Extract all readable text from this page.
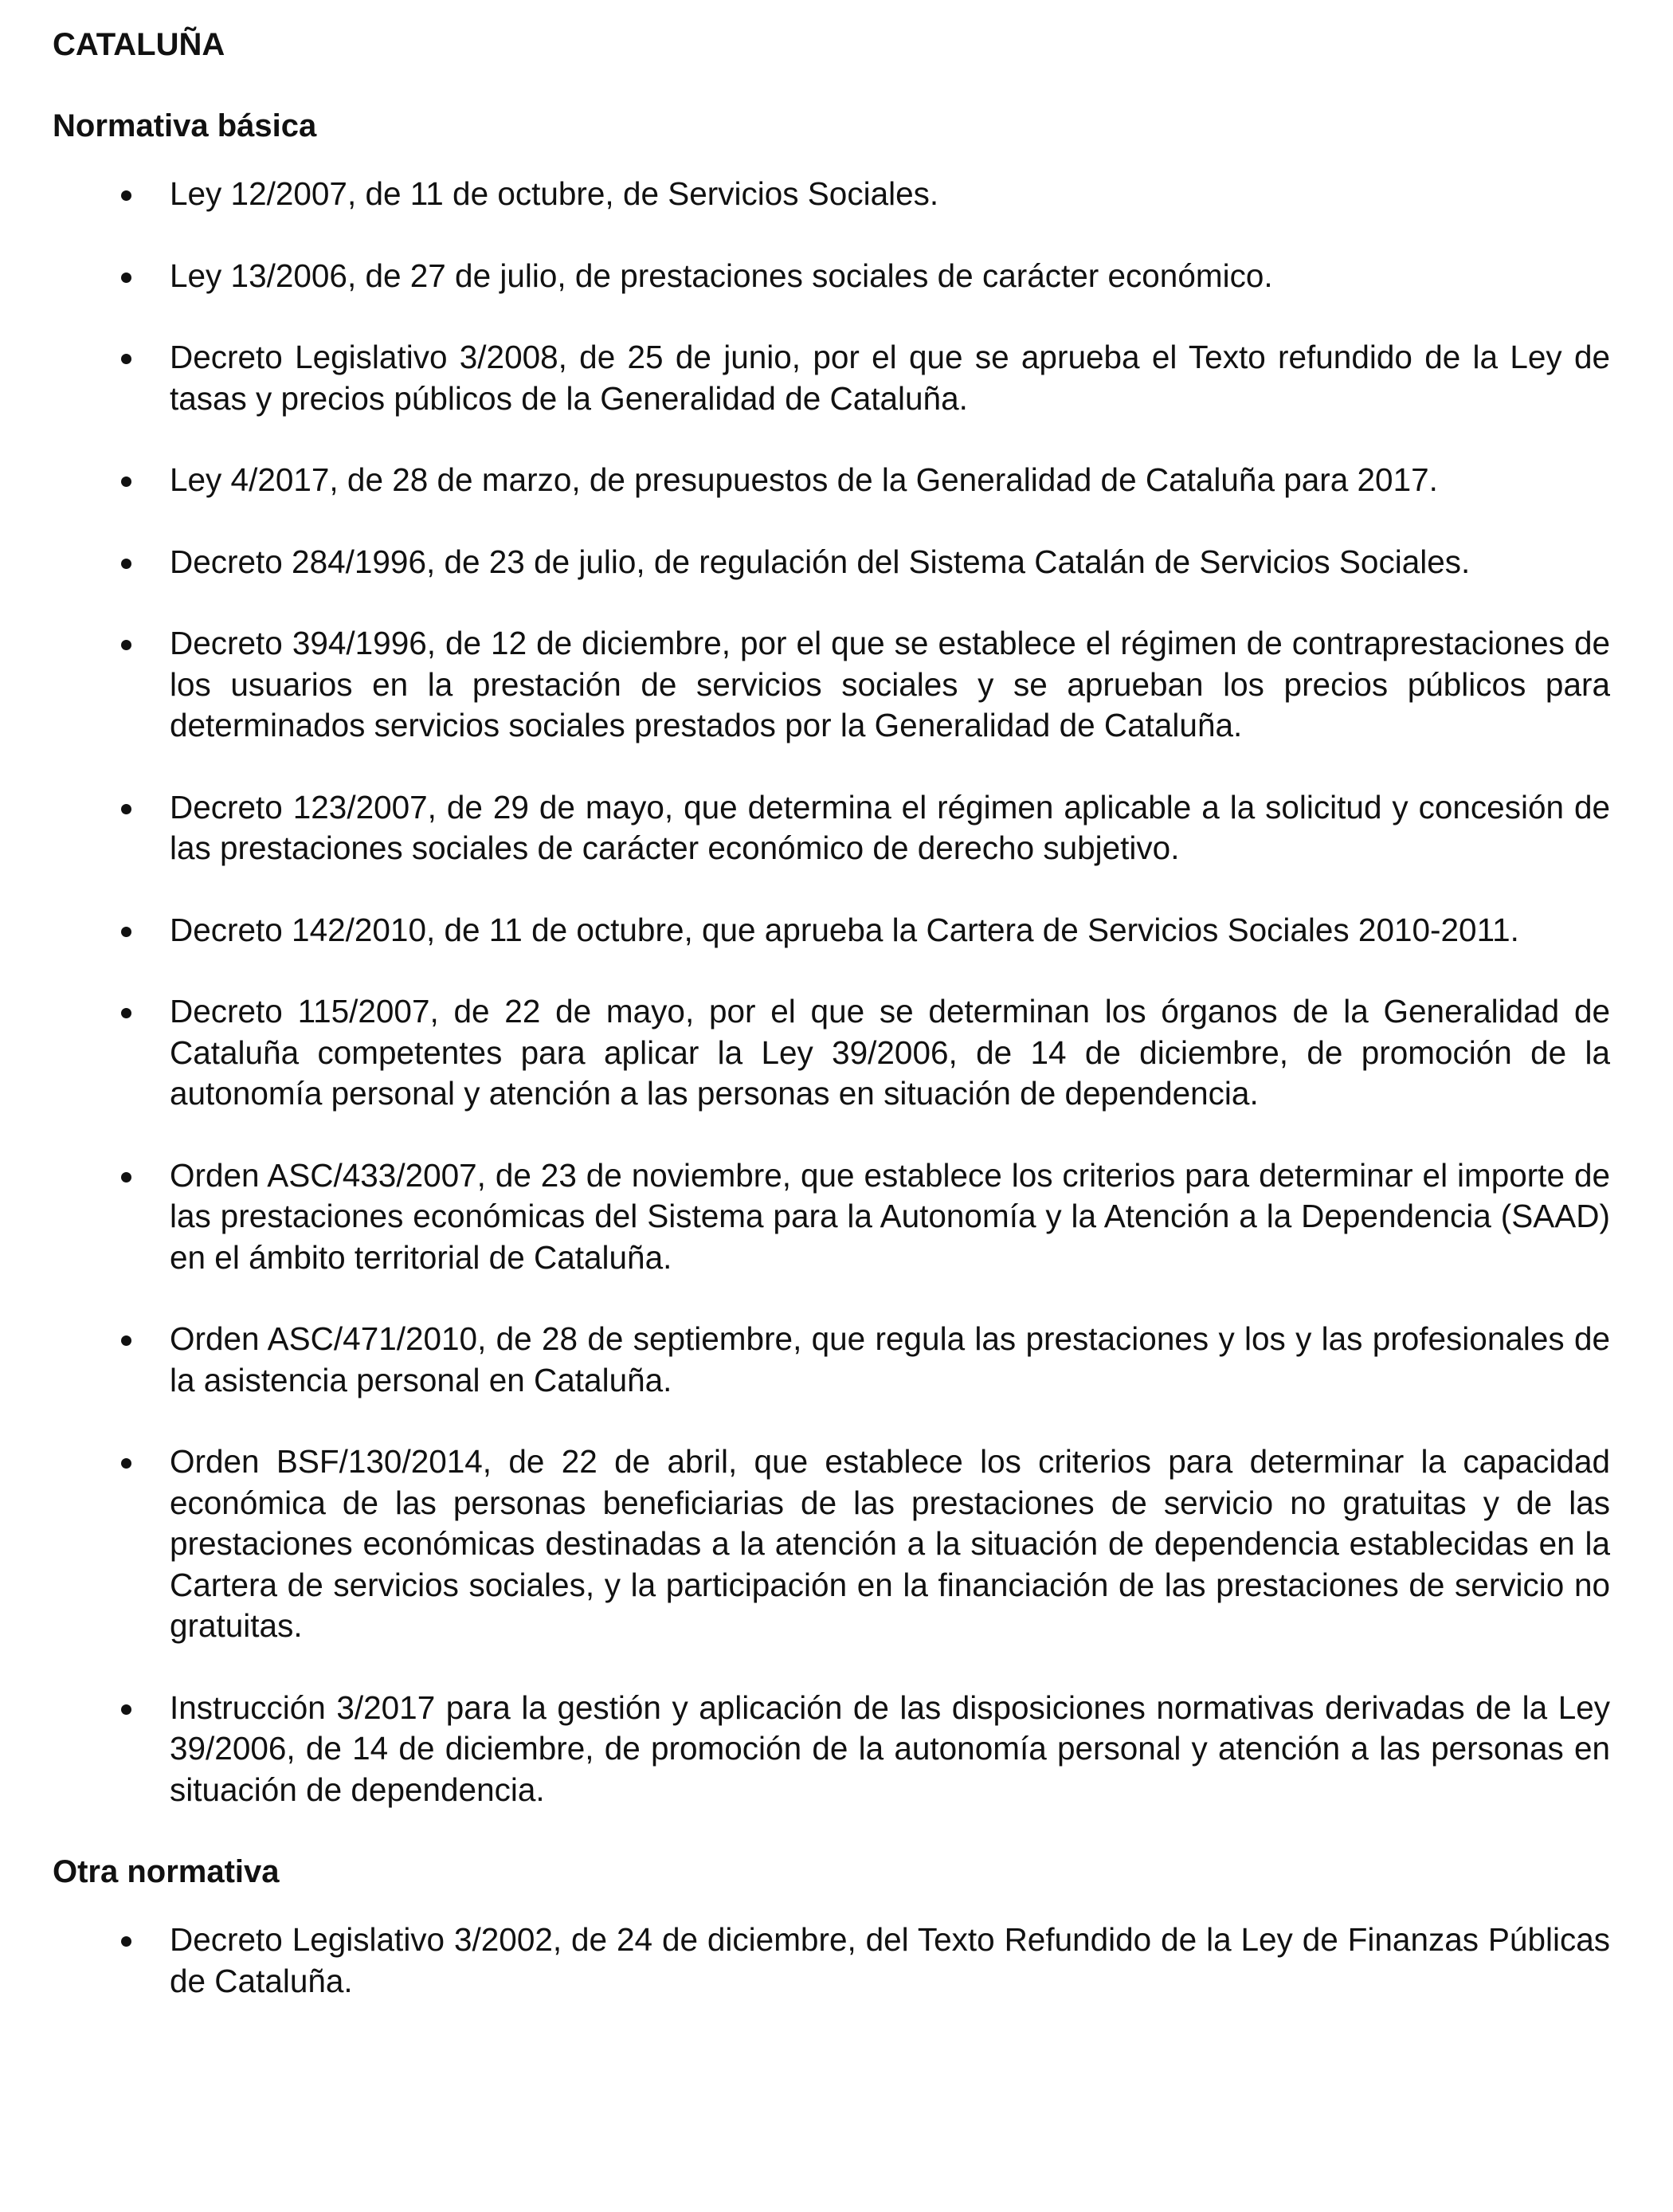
CATALUÑA
Normativa básica
Ley 12/2007, de 11 de octubre, de Servicios Sociales.
Ley 13/2006, de 27 de julio, de prestaciones sociales de carácter económico.
Decreto Legislativo 3/2008, de 25 de junio, por el que se aprueba el Texto refundido de la Ley de tasas y precios públicos de la Generalidad de Cataluña.
Ley 4/2017, de 28 de marzo, de presupuestos de la Generalidad de Cataluña para 2017.
Decreto 284/1996, de 23 de julio, de regulación del Sistema Catalán de Servicios Sociales.
Decreto 394/1996, de 12 de diciembre, por el que se establece el régimen de contraprestaciones de los usuarios en la prestación de servicios sociales y se aprueban los precios públicos para determinados servicios sociales prestados por la Generalidad de Cataluña.
Decreto 123/2007, de 29 de mayo, que determina el régimen aplicable a la solicitud y concesión de las prestaciones sociales de carácter económico de derecho subjetivo.
Decreto 142/2010, de 11 de octubre, que aprueba la Cartera de Servicios Sociales 2010-2011.
Decreto 115/2007, de 22 de mayo, por el que se determinan los órganos de la Generalidad de Cataluña competentes para aplicar la Ley 39/2006, de 14 de diciembre, de promoción de la autonomía personal y atención a las personas en situación de dependencia.
Orden ASC/433/2007, de 23 de noviembre, que establece los criterios para determinar el importe de las prestaciones económicas del Sistema para la Autonomía y la Atención a la Dependencia (SAAD) en el ámbito territorial de Cataluña.
Orden ASC/471/2010, de 28 de septiembre, que regula las prestaciones y los y las profesionales de la asistencia personal en Cataluña.
Orden BSF/130/2014, de 22 de abril, que establece los criterios para determinar la capacidad económica de las personas beneficiarias de las prestaciones de servicio no gratuitas y de las prestaciones económicas destinadas a la atención a la situación de dependencia establecidas en la Cartera de servicios sociales, y la participación en la financiación de las prestaciones de servicio no gratuitas.
Instrucción 3/2017 para la gestión y aplicación de las disposiciones normativas derivadas de la Ley 39/2006, de 14 de diciembre, de promoción de la autonomía personal y atención a las personas en situación de dependencia.
Otra normativa
Decreto Legislativo 3/2002, de 24 de diciembre, del Texto Refundido de la Ley de Finanzas Públicas de Cataluña.
